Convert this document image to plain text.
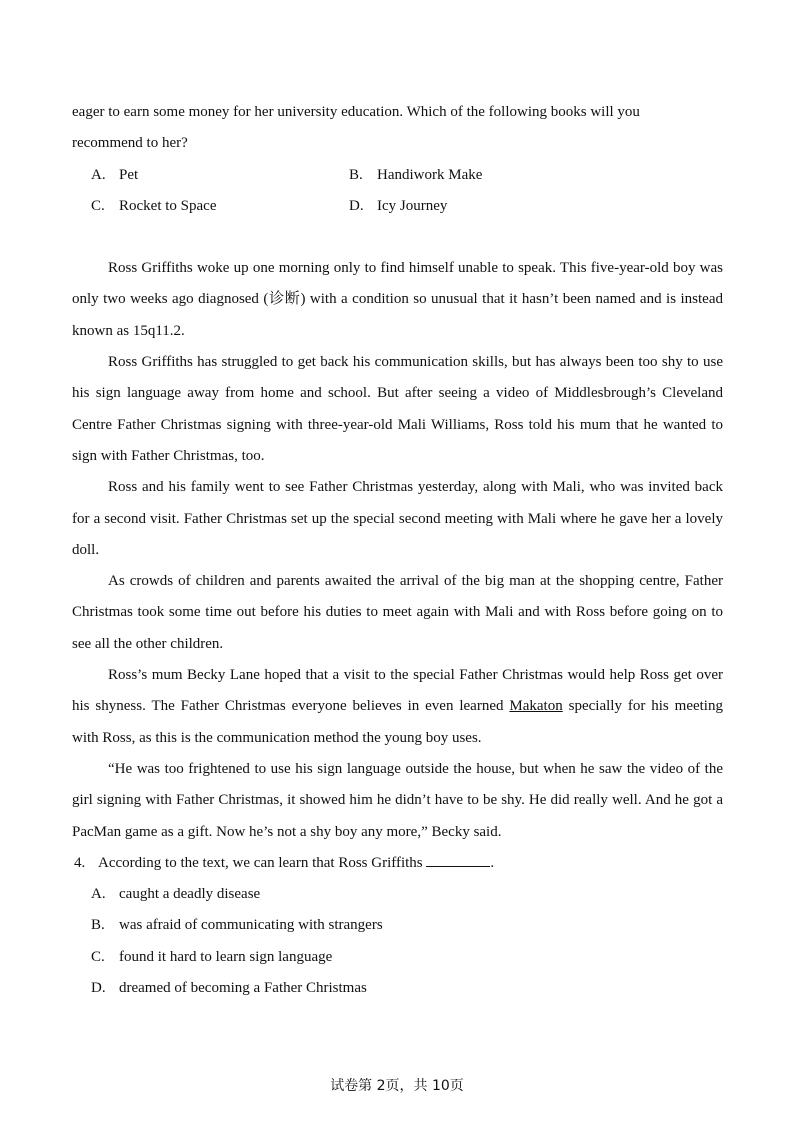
eager to earn some money for her university education. Which of the following books will you

recommend to her?

A. Pet	B. Handiwork Make
C. Rocket to Space	D. Icy Journey

Ross Griffiths woke up one morning only to find himself unable to speak. This five-year-old boy was only two weeks ago diagnosed (诊断) with a condition so unusual that it hasn’t been named and is instead known as 15q11.2.

Ross Griffiths has struggled to get back his communication skills, but has always been too shy to use his sign language away from home and school. But after seeing a video of Middlesbrough’s Cleveland Centre Father Christmas signing with three-year-old Mali Williams, Ross told his mum that he wanted to sign with Father Christmas, too.

Ross and his family went to see Father Christmas yesterday, along with Mali, who was invited back for a second visit. Father Christmas set up the special second meeting with Mali where he gave her a lovely doll.

As crowds of children and parents awaited the arrival of the big man at the shopping centre, Father Christmas took some time out before his duties to meet again with Mali and with Ross before going on to see all the other children.

Ross’s mum Becky Lane hoped that a visit to the special Father Christmas would help Ross get over his shyness. The Father Christmas everyone believes in even learned Makaton specially for his meeting with Ross, as this is the communication method the young boy uses.

“He was too frightened to use his sign language outside the house, but when he saw the video of the girl signing with Father Christmas, it showed him he didn’t have to be shy. He did really well. And he got a PacMan game as a gift. Now he’s not a shy boy any more,” Becky said.

4. According to the text, we can learn that Ross Griffiths	.

A. caught a deadly disease
B. was afraid of communicating with strangers
C. found it hard to learn sign language
D. dreamed of becoming a Father Christmas
试卷第 2页，共 10页
